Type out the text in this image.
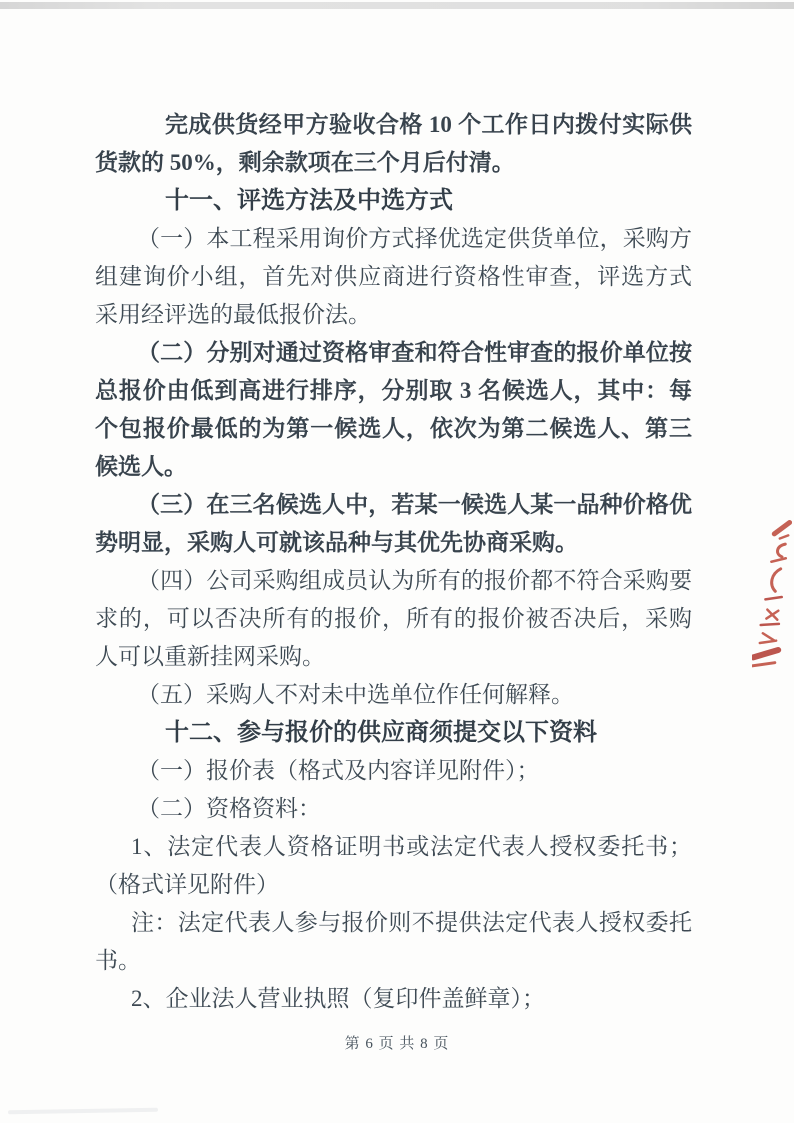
完成供货经甲方验收合格 10 个工作日内拨付实际供货款的 50%，剩余款项在三个月后付清。

十一、评选方法及中选方式

（一）本工程采用询价方式择优选定供货单位，采购方组建询价小组，首先对供应商进行资格性审查，评选方式采用经评选的最低报价法。

（二）分别对通过资格审查和符合性审查的报价单位按总报价由低到高进行排序，分别取 3 名候选人，其中：每个包报价最低的为第一候选人，依次为第二候选人、第三候选人。

（三）在三名候选人中，若某一候选人某一品种价格优势明显，采购人可就该品种与其优先协商采购。

（四）公司采购组成员认为所有的报价都不符合采购要求的，可以否决所有的报价，所有的报价被否决后，采购人可以重新挂网采购。

（五）采购人不对未中选单位作任何解释。

十二、参与报价的供应商须提交以下资料

（一）报价表（格式及内容详见附件）；

（二）资格资料：

1、法定代表人资格证明书或法定代表人授权委托书；（格式详见附件）

注：法定代表人参与报价则不提供法定代表人授权委托书。

2、企业法人营业执照（复印件盖鲜章）；

第 6 页 共 8 页
